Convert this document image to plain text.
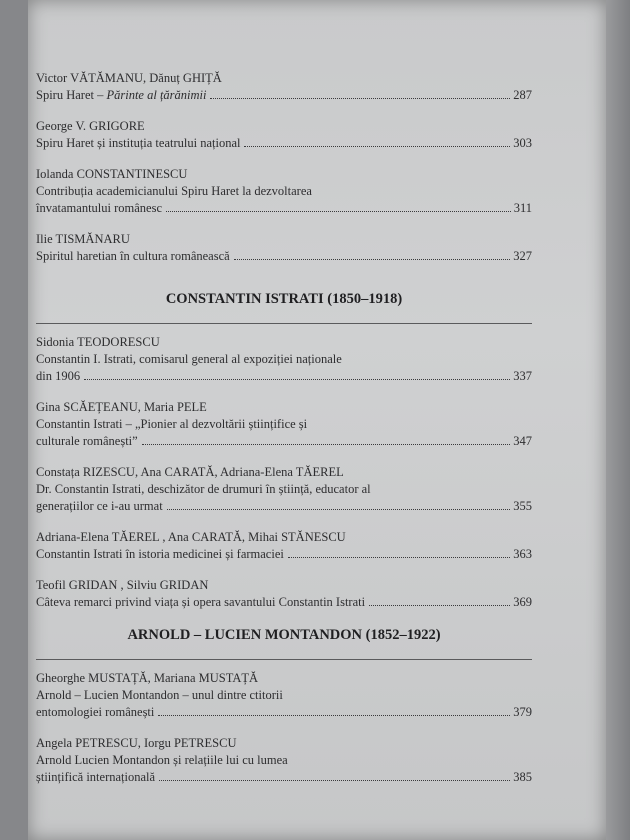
Victor VĂTĂMANU, Dănuț GHIȚĂ
Spiru Haret – Părinte al țărănimii	287
George V. GRIGORE
Spiru Haret și instituția teatrului național	303
Iolanda CONSTANTINESCU
Contribuția academicianului Spiru Haret la dezvoltarea
învatamantului românesc	311
Ilie TISMĂNARU
Spiritul haretian în cultura românească	327
CONSTANTIN ISTRATI (1850–1918)
Sidonia TEODORESCU
Constantin I. Istrati, comisarul general al expoziției naționale
din 1906	337
Gina SCĂEȚEANU, Maria PELE
Constantin Istrati – „Pionier al dezvoltării științifice și
culturale românești”	347
Constața RIZESCU, Ana CARATĂ, Adriana-Elena TĂEREL
Dr. Constantin Istrati, deschizător de drumuri în știință, educator al
generațiilor ce i-au urmat	355
Adriana-Elena TĂEREL , Ana CARATĂ, Mihai STĂNESCU
Constantin Istrati în istoria medicinei și farmaciei	363
Teofil GRIDAN , Silviu GRIDAN
Câteva remarci privind viața și opera savantului Constantin Istrati	369
ARNOLD – LUCIEN MONTANDON (1852–1922)
Gheorghe MUSTAȚĂ, Mariana MUSTAȚĂ
Arnold – Lucien Montandon – unul dintre ctitorii
entomologiei românești	379
Angela PETRESCU, Iorgu PETRESCU
Arnold Lucien Montandon și relațiile lui cu lumea
științifică internațională	385
